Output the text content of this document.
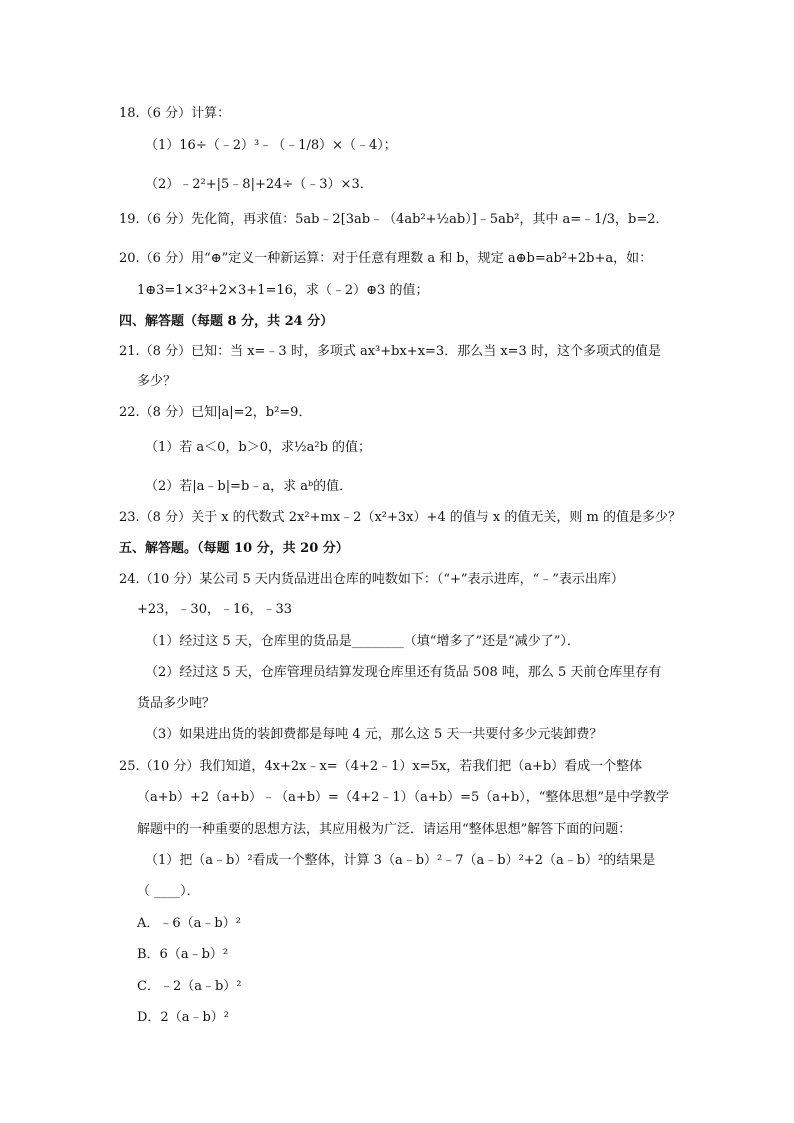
18.（6 分）计算：
（1）16÷（﹣2）³﹣（﹣1/8）×（﹣4）；
（2）﹣2²+|5﹣8|+24÷（﹣3）×3．
19.（6 分）先化简，再求值：5ab﹣2[3ab﹣（4ab²+½ab）]﹣5ab²，其中 a=﹣1/3，b=2．
20.（6 分）用“⊕”定义一种新运算：对于任意有理数 a 和 b，规定 a⊕b=ab²+2b+a，如：
1⊕3=1×3²+2×3+1=16，求（﹣2）⊕3 的值；
四、解答题（每题 8 分，共 24 分）
21.（8 分）已知：当 x=﹣3 时，多项式 ax³+bx+x=3．那么当 x=3 时，这个多项式的值是
多少？
22.（8 分）已知|a|=2，b²=9．
（1）若 a＜0，b＞0，求½a²b 的值；
（2）若|a﹣b|=b﹣a，求 aᵇ的值．
23.（8 分）关于 x 的代数式 2x²+mx﹣2（x²+3x）+4 的值与 x 的值无关，则 m 的值是多少？
五、解答题。（每题 10 分，共 20 分）
24.（10 分）某公司 5 天内货品进出仓库的吨数如下：（“+”表示进库，“﹣”表示出库）
+23，﹣30，﹣16，﹣33
（1）经过这 5 天，仓库里的货品是________（填“增多了”还是“减少了”）．
（2）经过这 5 天，仓库管理员结算发现仓库里还有货品 508 吨，那么 5 天前仓库里存有
货品多少吨？
（3）如果进出货的装卸费都是每吨 4 元，那么这 5 天一共要付多少元装卸费？
25.（10 分）我们知道，4x+2x﹣x=（4+2﹣1）x=5x，若我们把（a+b）看成一个整体
（a+b）+2（a+b）﹣（a+b）=（4+2﹣1）（a+b）=5（a+b），“整体思想”是中学教学
解题中的一种重要的思想方法，其应用极为广泛．请运用“整体思想”解答下面的问题：
（1）把（a﹣b）²看成一个整体，计算 3（a﹣b）²﹣7（a﹣b）²+2（a﹣b）²的结果是
（ ____）．
A．﹣6（a﹣b）²
B．6（a﹣b）²
C．﹣2（a﹣b）²
D．2（a﹣b）²
